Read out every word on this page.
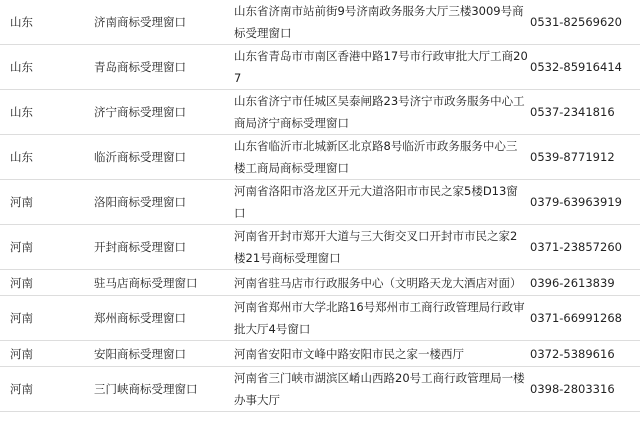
山东	济南商标受理窗口	山东省济南市站前街9号济南政务服务大厅三楼3009号商标受理窗口	0531-82569620
山东	青岛商标受理窗口	山东省青岛市市南区香港中路17号市行政审批大厅工商207	0532-85916414
山东	济宁商标受理窗口	山东省济宁市任城区吴泰闸路23号济宁市政务服务中心工商局济宁商标受理窗口	0537-2341816
山东	临沂商标受理窗口	山东省临沂市北城新区北京路8号临沂市政务服务中心三楼工商局商标受理窗口	0539-8771912
河南	洛阳商标受理窗口	河南省洛阳市洛龙区开元大道洛阳市市民之家5楼D13窗口	0379-63963919
河南	开封商标受理窗口	河南省开封市郑开大道与三大街交叉口开封市市民之家2楼21号商标受理窗口	0371-23857260
河南	驻马店商标受理窗口	河南省驻马店市行政服务中心（文明路天龙大酒店对面）	0396-2613839
河南	郑州商标受理窗口	河南省郑州市大学北路16号郑州市工商行政管理局行政审批大厅4号窗口	0371-66991268
河南	安阳商标受理窗口	河南省安阳市文峰中路安阳市民之家一楼西厅	0372-5389616
河南	三门峡商标受理窗口	河南省三门峡市湖滨区崤山西路20号工商行政管理局一楼办事大厅	0398-2803316
